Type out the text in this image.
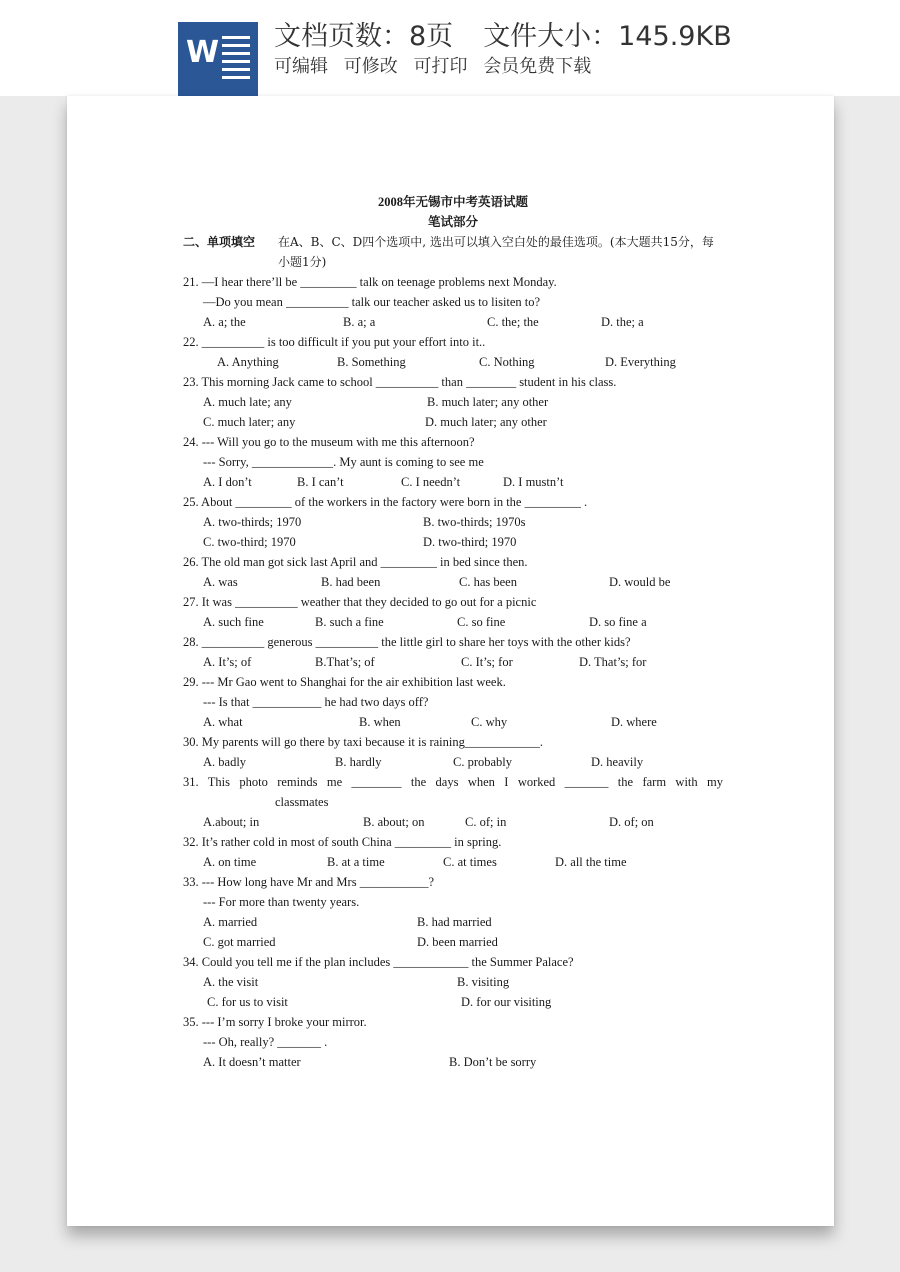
W 文档页数：8页 文件大小：145.9KB
可编辑 可修改 可打印 会员免费下载
2008年无锡市中考英语试题
笔试部分
二、单项填空 在A、B、C、D四个选项中, 选出可以填入空白处的最佳选项。(本大题共15分，每小题1分)
21. —I hear there’ll be _________ talk on teenage problems next Monday.
—Do you mean __________ talk our teacher asked us to lisiten to?
A. a; the	B. a; a	C. the; the	D. the; a
22. __________ is too difficult if you put your effort into it..
A. Anything	B. Something	C. Nothing	D. Everything
23. This morning Jack came to school __________ than ________ student in his class.
A. much late; any	B. much later; any other
C. much later; any	D. much later; any other
24. --- Will you go to the museum with me this afternoon?
--- Sorry, _____________. My aunt is coming to see me
A. I don’t	B. I can’t	C. I needn’t	D. I mustn’t
25. About _________ of the workers in the factory were born in the _________ .
A. two-thirds; 1970	B. two-thirds; 1970s
C. two-third; 1970	D. two-third; 1970
26. The old man got sick last April and _________ in bed since then.
A. was	B. had been	C. has been	D. would be
27. It was __________ weather that they decided to go out for a picnic
A. such fine	B. such a fine	C. so fine	D. so fine a
28. __________ generous __________ the little girl to share her toys with the other kids?
A. It’s; of	B.That’s; of	C. It’s; for	D. That’s; for
29. --- Mr Gao went to Shanghai for the air exhibition last week.
--- Is that ___________ he had two days off?
A. what	B. when	C. why	D. where
30. My parents will go there by taxi because it is raining____________.
A. badly	B. hardly	C. probably	D. heavily
31. This photo reminds me ________ the days when I worked _______ the farm with my
classmates
A.about; in	B. about; on	C. of; in	D. of; on
32. It’s rather cold in most of south China _________ in spring.
A. on time	B. at a time	C. at times	D. all the time
33. --- How long have Mr and Mrs ___________?
--- For more than twenty years.
A. married	B. had married
C. got married	D. been married
34. Could you tell me if the plan includes ____________ the Summer Palace?
A. the visit	B. visiting
C. for us to visit	D. for our visiting
35. --- I’m sorry I broke your mirror.
--- Oh, really? _______ .
A. It doesn’t matter	B. Don’t be sorry
